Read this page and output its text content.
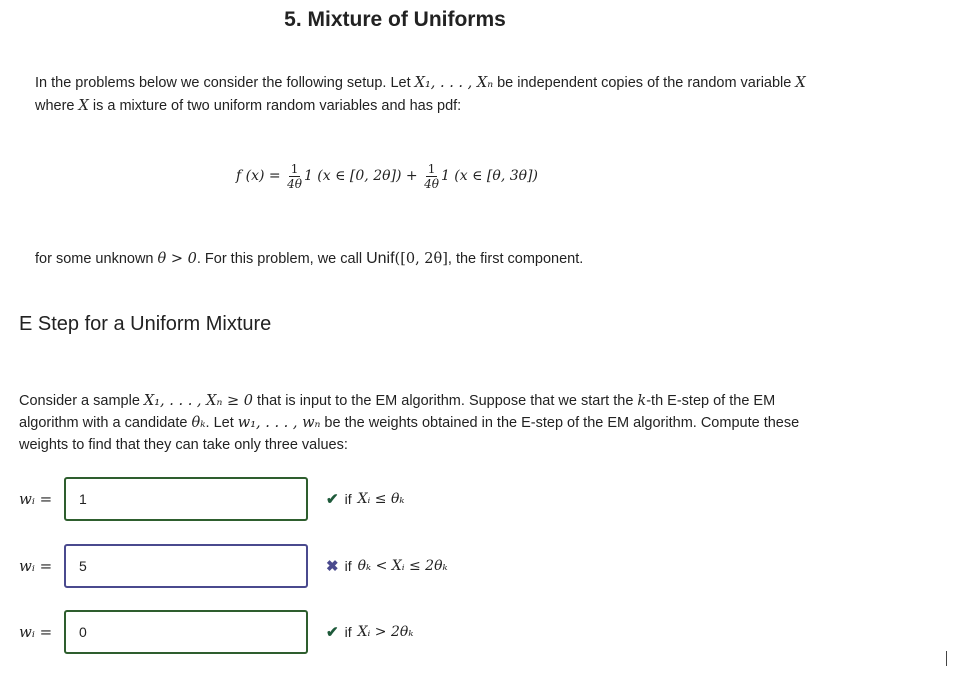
5. Mixture of Uniforms
In the problems below we consider the following setup. Let X₁, . . . , Xₙ be independent copies of the random variable X
where X is a mixture of two uniform random variables and has pdf:
f $(x) = \frac{1}{4\theta} 1$ (x ∈ [0, $2\theta]) + \frac{1}{4\theta} 1$ (x ∈ [θ, 3θ])
for some unknown θ > 0. For this problem, we call Unif([0, 2θ], the first component.
E Step for a Uniform Mixture
Consider a sample X₁, . . . , Xₙ ≥ 0 that is input to the EM algorithm. Suppose that we start the k-th E-step of the EM
algorithm with a candidate θₖ. Let w₁, . . . , wₙ be the weights obtained in the E-step of the EM algorithm. Compute these
weights to find that they can take only three values:
wᵢ =	1	✔ if Xᵢ ≤ θₖ
wᵢ =	5	✖ if θₖ < Xᵢ ≤ 2θₖ
wᵢ =	0	✔ if Xᵢ > 2θₖ
